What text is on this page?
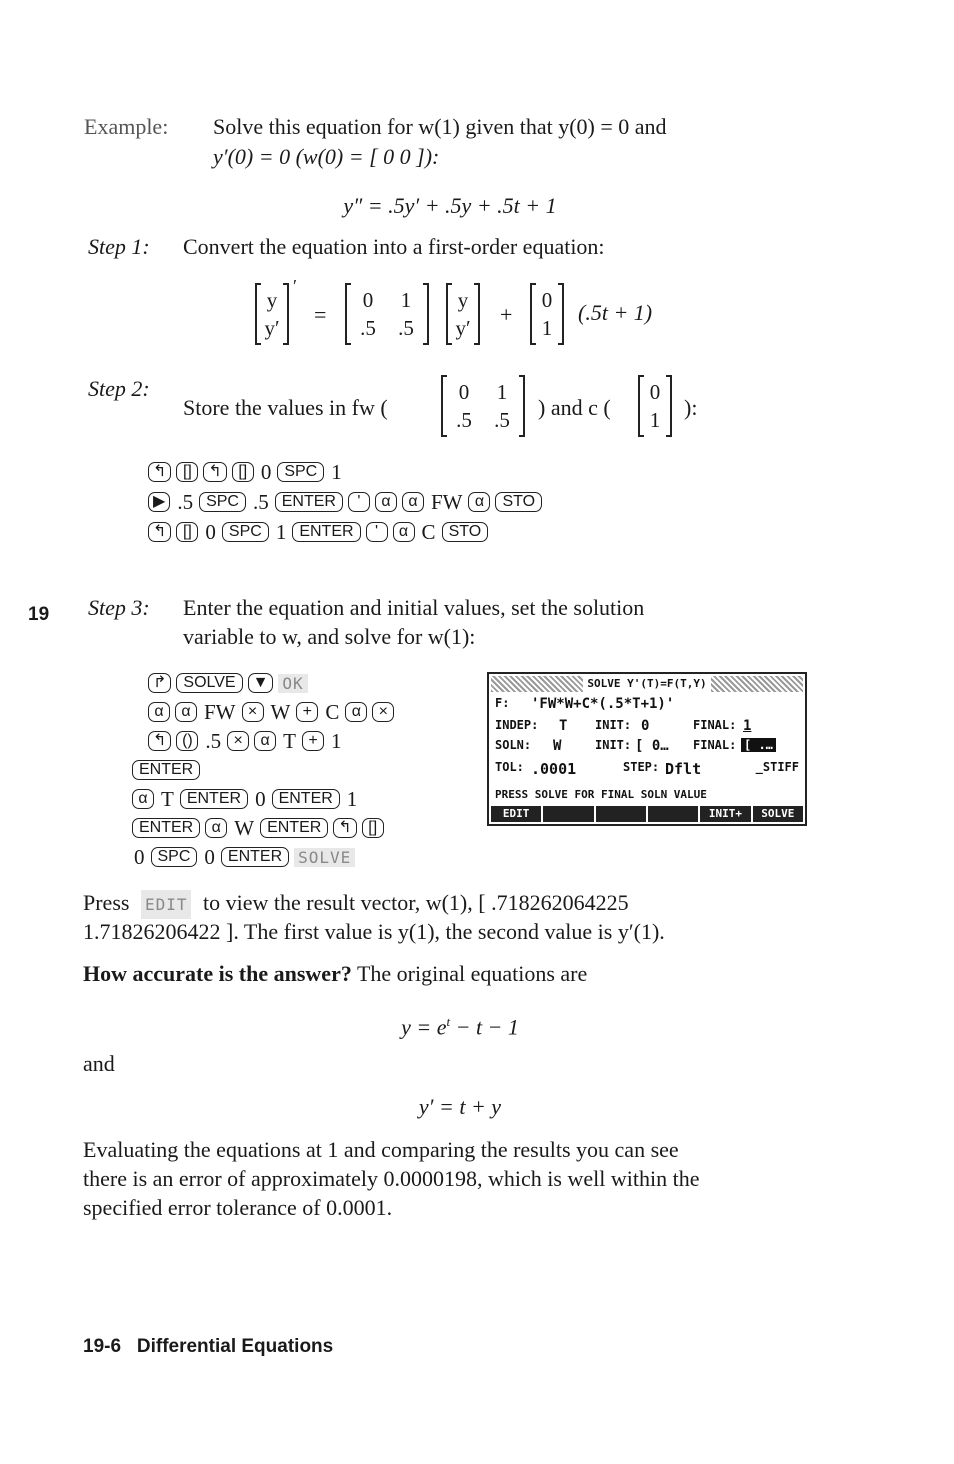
Example: Solve this equation for w(1) given that y(0) = 0 and
y′(0) = 0 (w(0) = [ 0 0 ]):
y″ = .5y′ + .5y + .5t + 1
Step 1: Convert the equation into a first-order equation:
y
y′
′
=
0	1
.5	.5
y
y′
+
0
1
(.5t + 1)
Step 2:
Store the values in fw (
0	1
.5	.5	) and c (
0
1	):
↰	[]	↰	[] 0 SPC 1
▶ .5 SPC .5 ENTER	'	α	α FW α	STO
↰	[] 0 SPC 1 ENTER	'	α C STO
19 Step 3: Enter the equation and initial values, set the solution
variable to w, and solve for w(1):
↱	SOLVE	▼ OK
α	α FW × W + C α	×
↰ () .5 ×	α T + 1
ENTER
α T ENTER 0 ENTER 1
ENTER	α W ENTER	↰	[]
0 SPC 0 ENTER	SOLVE
SOLVE Y'(T)=F(T,Y)
F: 'FW*W+C*(.5*T+1)'
INDEP: T INIT: 0	FINAL: 1
SOLN: W	INIT: [ 0… FINAL: [ .…
TOL: .0001	STEP: Dflt	_STIFF
PRESS SOLVE FOR FINAL SOLN VALUE
EDIT	INIT+	SOLVE
Press EDIT to view the result vector, w(1), [ .718262064225
1.71826206422 ]. The first value is y(1), the second value is y′(1).
How accurate is the answer? The original equations are
$y = e^t - t - 1$
and
y′ = t + y
Evaluating the equations at 1 and comparing the results you can see
there is an error of approximately 0.0000198, which is well within the
specified error tolerance of 0.0001.
19-6   Differential Equations
